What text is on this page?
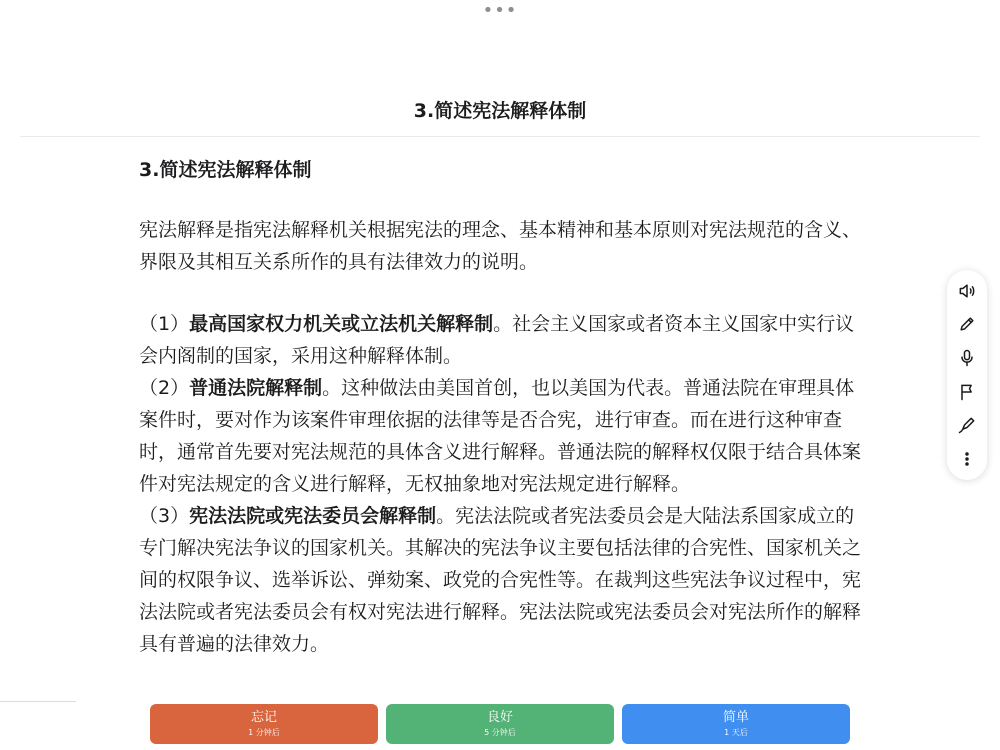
•••
3.简述宪法解释体制

3.简述宪法解释体制

宪法解释是指宪法解释机关根据宪法的理念、基本精神和基本原则对宪法规范的含义、界限及其相互关系所作的具有法律效力的说明。

（1）最高国家权力机关或立法机关解释制。社会主义国家或者资本主义国家中实行议会内阁制的国家，采用这种解释体制。

（2）普通法院解释制。这种做法由美国首创，也以美国为代表。普通法院在审理具体案件时，要对作为该案件审理依据的法律等是否合宪，进行审查。而在进行这种审查时，通常首先要对宪法规范的具体含义进行解释。普通法院的解释权仅限于结合具体案件对宪法规定的含义进行解释，无权抽象地对宪法规定进行解释。

（3）宪法法院或宪法委员会解释制。宪法法院或者宪法委员会是大陆法系国家成立的专门解决宪法争议的国家机关。其解决的宪法争议主要包括法律的合宪性、国家机关之间的权限争议、选举诉讼、弹劾案、政党的合宪性等。在裁判这些宪法争议过程中，宪法法院或者宪法委员会有权对宪法进行解释。宪法法院或宪法委员会对宪法所作的解释具有普遍的法律效力。

忘记
1 分钟后
良好
5 分钟后
简单
1 天后
